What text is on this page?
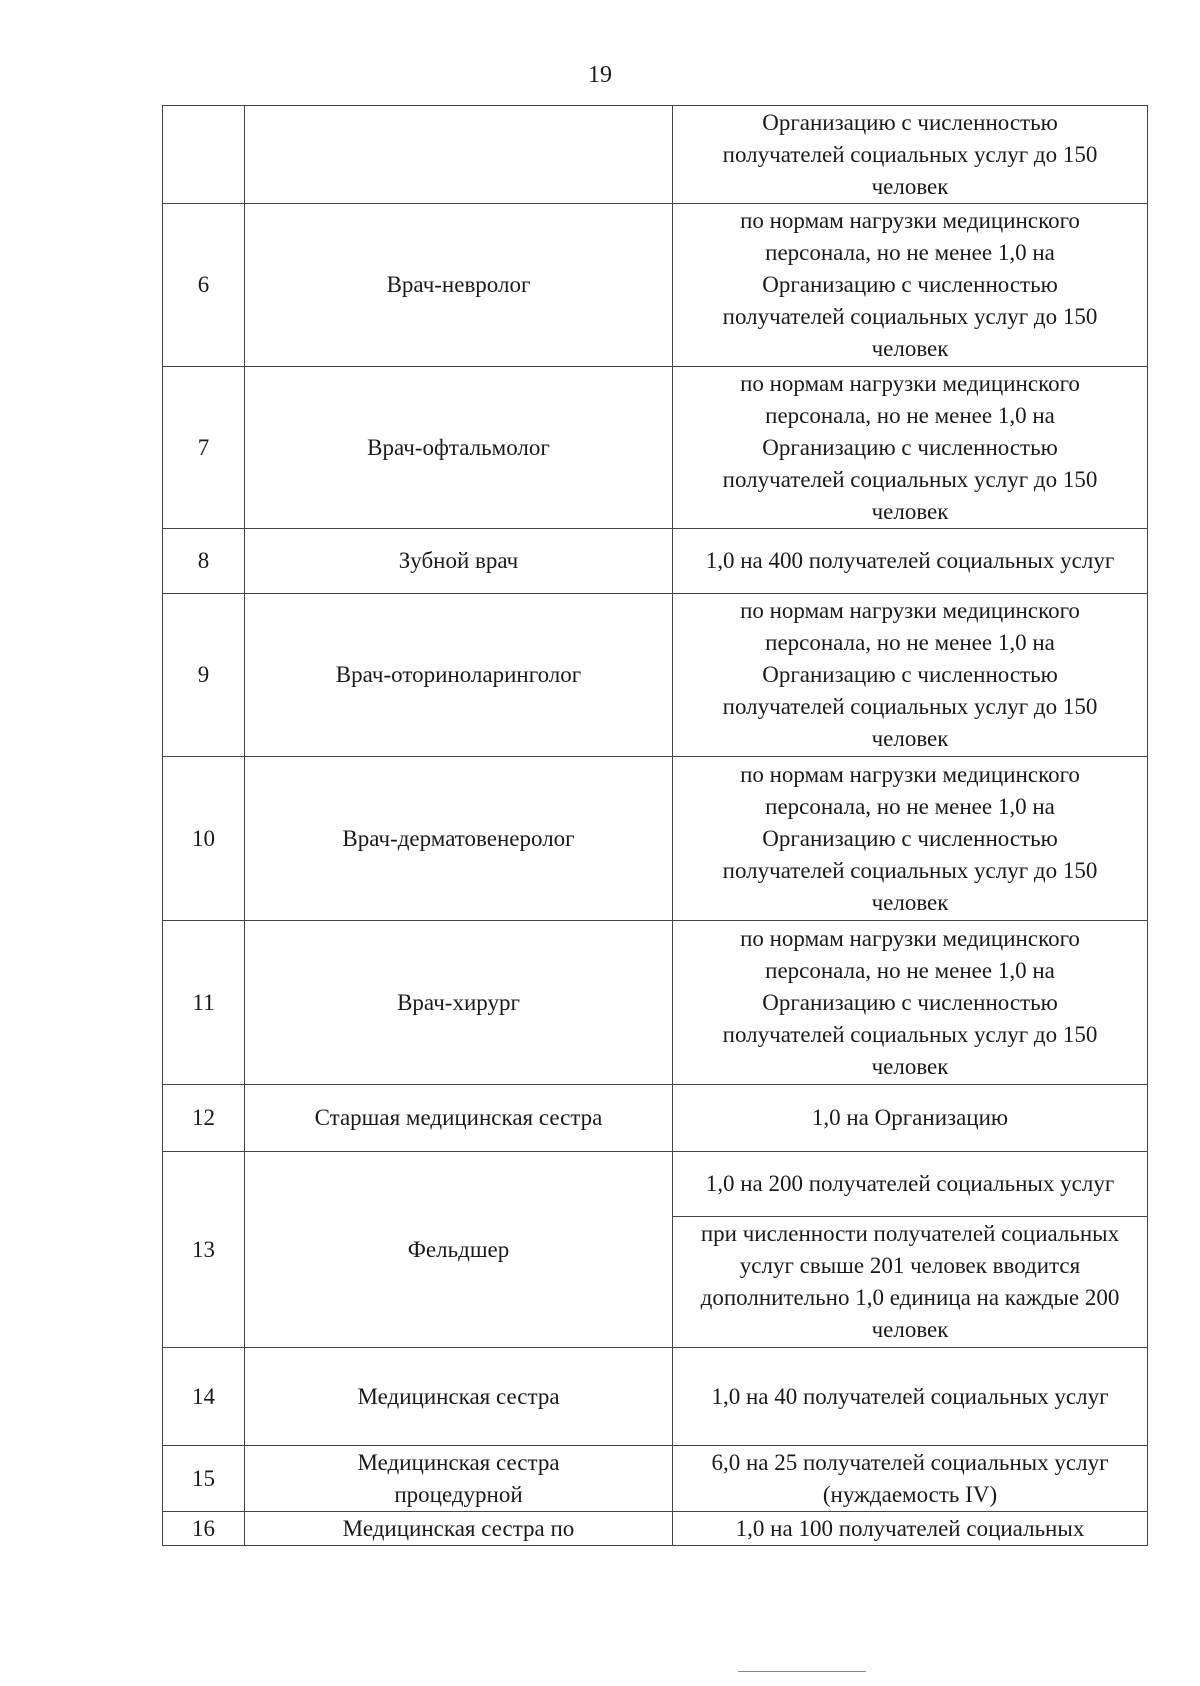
19
		Организацию с численностью получателей социальных услуг до 150 человек
6	Врач-невролог	по нормам нагрузки медицинского персонала, но не менее 1,0 на Организацию с численностью получателей социальных услуг до 150 человек
7	Врач-офтальмолог	по нормам нагрузки медицинского персонала, но не менее 1,0 на Организацию с численностью получателей социальных услуг до 150 человек
8	Зубной врач	1,0 на 400 получателей социальных услуг
9	Врач-оториноларинголог	по нормам нагрузки медицинского персонала, но не менее 1,0 на Организацию с численностью получателей социальных услуг до 150 человек
10	Врач-дерматовенеролог	по нормам нагрузки медицинского персонала, но не менее 1,0 на Организацию с численностью получателей социальных услуг до 150 человек
11	Врач-хирург	по нормам нагрузки медицинского персонала, но не менее 1,0 на Организацию с численностью получателей социальных услуг до 150 человек
12	Старшая медицинская сестра	1,0 на Организацию
13	Фельдшер	1,0 на 200 получателей социальных услуг
		при численности получателей социальных услуг свыше 201 человек вводится дополнительно 1,0 единица на каждые 200 человек
14	Медицинская сестра	1,0 на 40 получателей социальных услуг
15	Медицинская сестра процедурной	6,0 на 25 получателей социальных услуг (нуждаемость IV)
16	Медицинская сестра по	1,0 на 100 получателей социальных
